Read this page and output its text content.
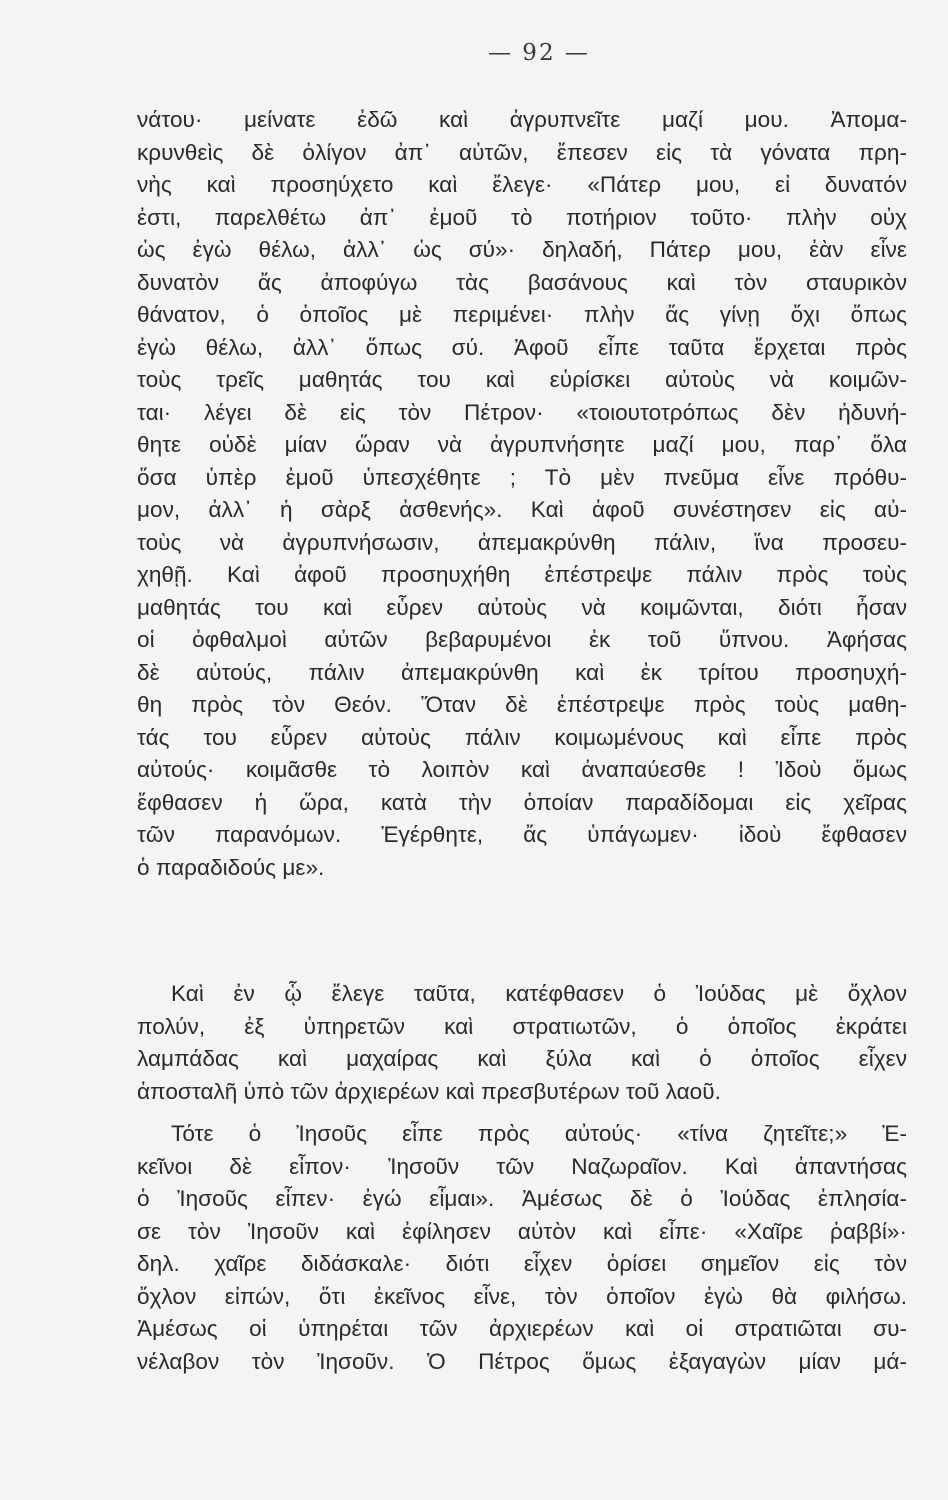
— 92 —
νάτου· μείνατε ἐδῶ καὶ ἀγρυπνεῖτε μαζί μου. Ἀπομα-
κρυνθεὶς δὲ ὀλίγον ἀπ᾽ αὐτῶν, ἔπεσεν εἰς τὰ γόνατα πρη-
νὴς καὶ προσηύχετο καὶ ἔλεγε· «Πάτερ μου, εἰ δυνατόν
ἐστι, παρελθέτω ἀπ᾽ ἐμοῦ τὸ ποτήριον τοῦτο· πλὴν οὐχ
ὡς ἐγὼ θέλω, ἀλλ᾽ ὡς σύ»· δηλαδή, Πάτερ μου, ἐὰν εἶνε
δυνατὸν ἄς ἀποφύγω τὰς βασάνους καὶ τὸν σταυρικὸν
θάνατον, ὁ ὁποῖος μὲ περιμένει· πλὴν ἄς γίνῃ ὄχι ὅπως
ἐγὼ θέλω, ἀλλ᾽ ὅπως σύ. Ἀφοῦ εἶπε ταῦτα ἔρχεται πρὸς
τοὺς τρεῖς μαθητάς του καὶ εὑρίσκει αὐτοὺς νὰ κοιμῶν-
ται· λέγει δὲ εἰς τὸν Πέτρον· «τοιουτοτρόπως δὲν ἠδυνή-
θητε οὐδὲ μίαν ὥραν νὰ ἀγρυπνήσητε μαζί μου, παρ᾽ ὅλα
ὅσα ὑπὲρ ἐμοῦ ὑπεσχέθητε ; Τὸ μὲν πνεῦμα εἶνε πρόθυ-
μον, ἀλλ᾽ ἡ σὰρξ ἀσθενής». Καὶ ἀφοῦ συνέστησεν εἰς αὐ-
τοὺς νὰ ἀγρυπνήσωσιν, ἀπεμακρύνθη πάλιν, ἵνα προσευ-
χηθῇ. Καὶ ἀφοῦ προσηυχήθη ἐπέστρεψε πάλιν πρὸς τοὺς
μαθητάς του καὶ εὗρεν αὐτοὺς νὰ κοιμῶνται, διότι ἦσαν
οἱ ὀφθαλμοὶ αὐτῶν βεβαρυμένοι ἐκ τοῦ ὕπνου. Ἀφήσας
δὲ αὐτούς, πάλιν ἀπεμακρύνθη καὶ ἐκ τρίτου προσηυχή-
θη πρὸς τὸν Θεόν. Ὅταν δὲ ἐπέστρεψε πρὸς τοὺς μαθη-
τάς του εὗρεν αὐτοὺς πάλιν κοιμωμένους καὶ εἶπε πρὸς
αὐτούς· κοιμᾶσθε τὸ λοιπὸν καὶ ἀναπαύεσθε ! Ἰδοὺ ὅμως
ἔφθασεν ἡ ὥρα, κατὰ τὴν ὁποίαν παραδίδομαι εἰς χεῖρας
τῶν παρανόμων. Ἐγέρθητε, ἄς ὑπάγωμεν· ἰδοὺ ἔφθασεν
ὁ παραδιδούς με».
Καὶ ἐν ᾧ ἔλεγε ταῦτα, κατέφθασεν ὁ Ἰούδας μὲ ὄχλον
πολύν, ἐξ ὑπηρετῶν καὶ στρατιωτῶν, ὁ ὁποῖος ἐκράτει
λαμπάδας καὶ μαχαίρας καὶ ξύλα καὶ ὁ ὁποῖος εἶχεν
ἀποσταλῆ ὑπὸ τῶν ἀρχιερέων καὶ πρεσβυτέρων τοῦ λαοῦ.
Τότε ὁ Ἰησοῦς εἶπε πρὸς αὐτούς· «τίνα ζητεῖτε;» Ἐ-
κεῖνοι δὲ εἶπον· Ἰησοῦν τῶν Ναζωραῖον. Καὶ ἀπαντήσας
ὁ Ἰησοῦς εἶπεν· ἐγώ εἶμαι». Ἀμέσως δὲ ὁ Ἰούδας ἐπλησία-
σε τὸν Ἰησοῦν καὶ ἐφίλησεν αὐτὸν καὶ εἶπε· «Χαῖρε ῥαββί»·
δηλ. χαῖρε διδάσκαλε· διότι εἶχεν ὁρίσει σημεῖον εἰς τὸν
ὄχλον εἰπών, ὅτι ἐκεῖνος εἶνε, τὸν ὁποῖον ἐγὼ θὰ φιλήσω.
Ἀμέσως οἱ ὑπηρέται τῶν ἀρχιερέων καὶ οἱ στρατιῶται συ-
νέλαβον τὸν Ἰησοῦν. Ὁ Πέτρος ὅμως ἐξαγαγὼν μίαν μά-
